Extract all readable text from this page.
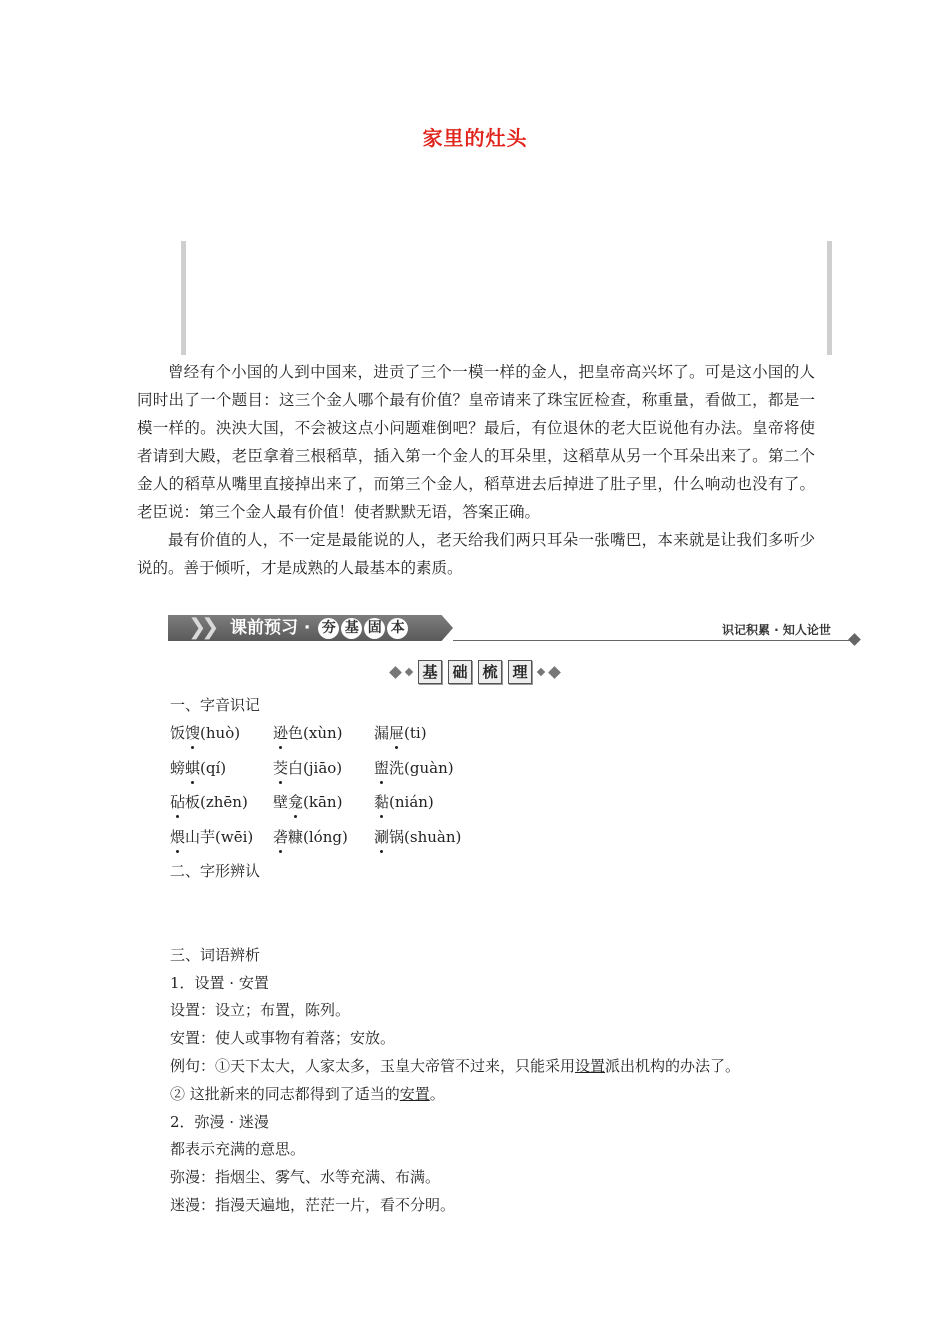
家里的灶头

曾经有个小国的人到中国来，进贡了三个一模一样的金人，把皇帝高兴坏了。可是这小国的人同时出了一个题目：这三个金人哪个最有价值？皇帝请来了珠宝匠检查，称重量，看做工，都是一模一样的。泱泱大国，不会被这点小问题难倒吧？最后，有位退休的老大臣说他有办法。皇帝将使者请到大殿，老臣拿着三根稻草，插入第一个金人的耳朵里，这稻草从另一个耳朵出来了。第二个金人的稻草从嘴里直接掉出来了，而第三个金人，稻草进去后掉进了肚子里，什么响动也没有了。老臣说：第三个金人最有价值！使者默默无语，答案正确。

最有价值的人，不一定是最能说的人，老天给我们两只耳朵一张嘴巴，本来就是让我们多听少说的。善于倾听，才是成熟的人最基本的素质。

❯
❯ 课前预习 · 夯 基 固 本	识记积累 · 知人论世
基 础 梳 理
一、字音识记
饭馊(huò) 逊色(xùn) 漏屉(ti)
螃蜞(qí)	茭白(jiāo) 盥洗(guàn)
砧板(zhēn) 壁龛(kān) 黏(nián)
煨山芋(wēi) 砻糠(lóng) 涮锅(shuàn)
二、字形辨认
三、词语辨析
1．设置 · 安置
设置：设立；布置，陈列。
安置：使人或事物有着落；安放。
例句：①天下太大，人家太多，玉皇大帝管不过来，只能采用设置派出机构的办法了。
② 这批新来的同志都得到了适当的安置。
2．弥漫 · 迷漫
都表示充满的意思。
弥漫：指烟尘、雾气、水等充满、布满。
迷漫：指漫天遍地，茫茫一片，看不分明。
